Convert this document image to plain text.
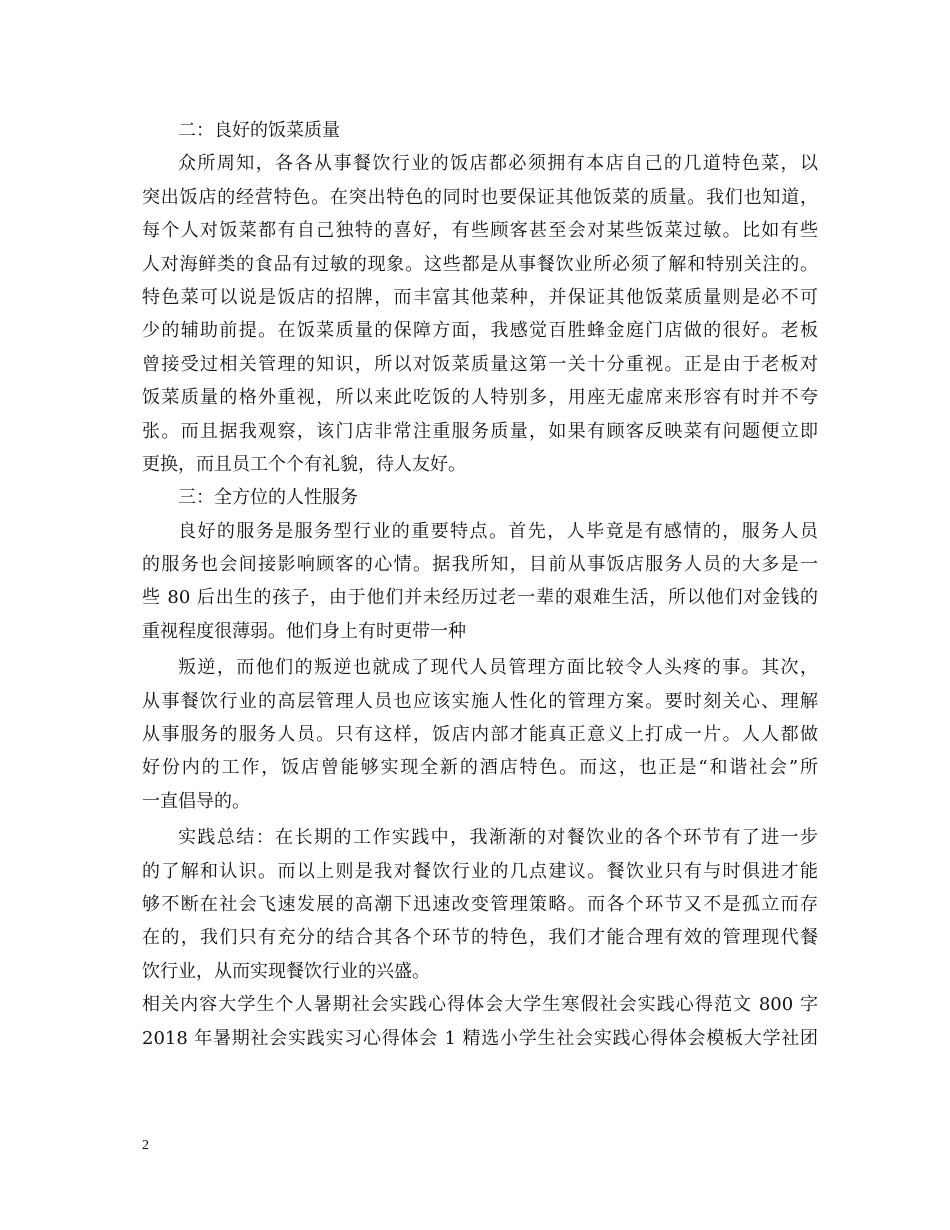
二：良好的饭菜质量
众所周知，各各从事餐饮行业的饭店都必须拥有本店自己的几道特色菜，以
突出饭店的经营特色。在突出特色的同时也要保证其他饭菜的质量。我们也知道，
每个人对饭菜都有自己独特的喜好，有些顾客甚至会对某些饭菜过敏。比如有些
人对海鲜类的食品有过敏的现象。这些都是从事餐饮业所必须了解和特别关注的。
特色菜可以说是饭店的招牌，而丰富其他菜种，并保证其他饭菜质量则是必不可
少的辅助前提。在饭菜质量的保障方面，我感觉百胜蜂金庭门店做的很好。老板
曾接受过相关管理的知识，所以对饭菜质量这第一关十分重视。正是由于老板对
饭菜质量的格外重视，所以来此吃饭的人特别多，用座无虚席来形容有时并不夸
张。而且据我观察，该门店非常注重服务质量，如果有顾客反映菜有问题便立即
更换，而且员工个个有礼貌，待人友好。
三：全方位的人性服务
良好的服务是服务型行业的重要特点。首先，人毕竟是有感情的，服务人员
的服务也会间接影响顾客的心情。据我所知，目前从事饭店服务人员的大多是一
些 80 后出生的孩子，由于他们并未经历过老一辈的艰难生活，所以他们对金钱的
重视程度很薄弱。他们身上有时更带一种
叛逆，而他们的叛逆也就成了现代人员管理方面比较令人头疼的事。其次，
从事餐饮行业的高层管理人员也应该实施人性化的管理方案。要时刻关心、理解
从事服务的服务人员。只有这样，饭店内部才能真正意义上打成一片。人人都做
好份内的工作，饭店曾能够实现全新的酒店特色。而这，也正是“和谐社会”所
一直倡导的。
实践总结：在长期的工作实践中，我渐渐的对餐饮业的各个环节有了进一步
的了解和认识。而以上则是我对餐饮行业的几点建议。餐饮业只有与时俱进才能
够不断在社会飞速发展的高潮下迅速改变管理策略。而各个环节又不是孤立而存
在的，我们只有充分的结合其各个环节的特色，我们才能合理有效的管理现代餐
饮行业，从而实现餐饮行业的兴盛。
相关内容大学生个人暑期社会实践心得体会大学生寒假社会实践心得范文 800 字
2018 年暑期社会实践实习心得体会 1 精选小学生社会实践心得体会模板大学社团
2
